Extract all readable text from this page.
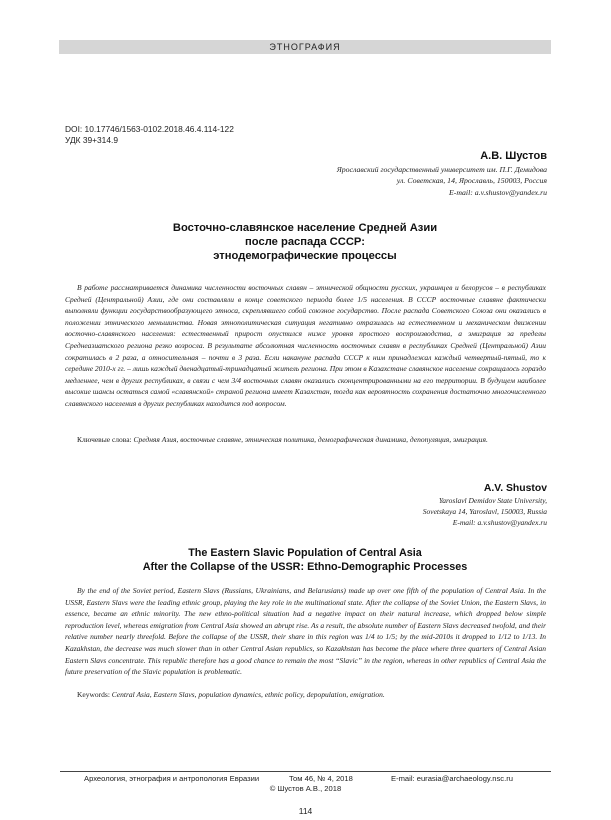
ЭТНОГРАФИЯ
DOI: 10.17746/1563-0102.2018.46.4.114-122
УДК 39+314.9
А.В. Шустов
Ярославский государственный университет им. П.Г. Демидова
ул. Советская, 14, Ярославль, 150003, Россия
E-mail: a.v.shustov@yandex.ru
Восточно-славянское население Средней Азии
после распада СССР:
этнодемографические процессы
В работе рассматривается динамика численности восточных славян – этнической общности русских, украинцев и белорусов – в республиках Средней (Центральной) Азии, где они составляли в конце советского периода более 1/5 населения. В СССР восточные славяне фактически выполняли функции государствообразующего этноса, скреплявшего собой союзное государство. После распада Советского Союза они оказались в положении этнического меньшинства. Новая этнополитическая ситуация негативно отразилась на естественном и механическом движении восточно-славянского населения: естественный прирост опустился ниже уровня простого воспроизводства, а эмиграция за пределы Среднеазиатского региона резко возросла. В результате абсолютная численность восточных славян в республиках Средней (Центральной) Азии сократилась в 2 раза, а относительная – почти в 3 раза. Если накануне распада СССР к ним принадлежал каждый четвертый-пятый, то к середине 2010-х гг. – лишь каждый двенадцатый-тринадцатый житель региона. При этом в Казахстане славянское население сокращалось гораздо медленнее, чем в других республиках, в связи с чем 3/4 восточных славян оказались сконцентрированными на его территории. В будущем наиболее высокие шансы остаться самой «славянской» страной региона имеет Казахстан, тогда как вероятность сохранения достаточно многочисленного славянского населения в других республиках находится под вопросом.
Ключевые слова: Средняя Азия, восточные славяне, этническая политика, демографическая динамика, депопуляция, эмиграция.
A.V. Shustov
Yaroslavl Demidov State University,
Sovetskaya 14, Yaroslavl, 150003, Russia
E-mail: a.v.shustov@yandex.ru
The Eastern Slavic Population of Central Asia
After the Collapse of the USSR: Ethno-Demographic Processes
By the end of the Soviet period, Eastern Slavs (Russians, Ukrainians, and Belarusians) made up over one fifth of the population of Central Asia. In the USSR, Eastern Slavs were the leading ethnic group, playing the key role in the multinational state. After the collapse of the Soviet Union, the Eastern Slavs, in essence, became an ethnic minority. The new ethno-political situation had a negative impact on their natural increase, which dropped below simple reproduction level, whereas emigration from Central Asia showed an abrupt rise. As a result, the absolute number of Eastern Slavs decreased twofold, and their relative number nearly threefold. Before the collapse of the USSR, their share in this region was 1/4 to 1/5; by the mid-2010s it dropped to 1/12 to 1/13. In Kazakhstan, the decrease was much slower than in other Central Asian republics, so Kazakhstan has become the place where three quarters of Central Asian Eastern Slavs concentrate. This republic therefore has a good chance to remain the most “Slavic” in the region, whereas in other republics of Central Asia the future preservation of the Slavic population is problematic.
Keywords: Central Asia, Eastern Slavs, population dynamics, ethnic policy, depopulation, emigration.
Археология, этнография и антропология Евразии	Том 46, № 4, 2018	E-mail: eurasia@archaeology.nsc.ru
© Шустов А.В., 2018
114
